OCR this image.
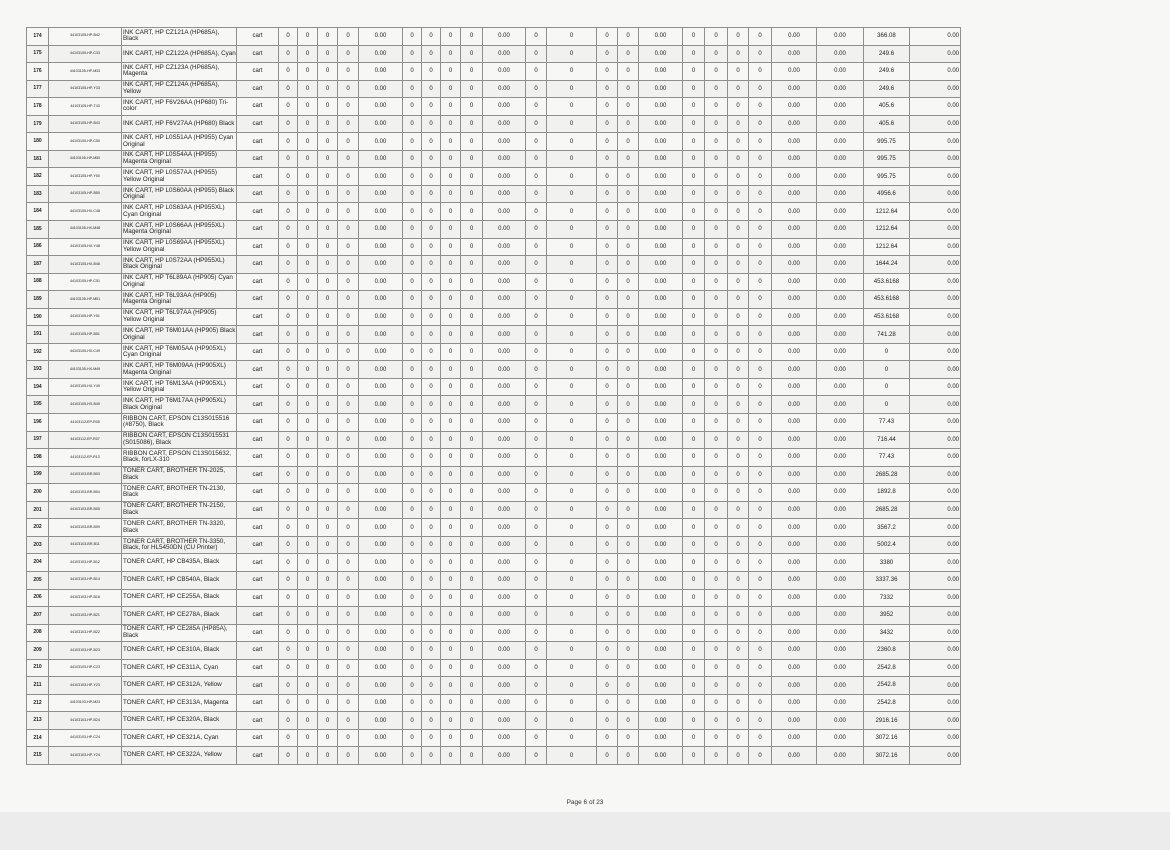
174	44103105-HP-B42	INK CART, HP CZ121A (HP685A), Black	cart	0	0	0	0	0.00	0	0	0	0	0.00	0	0	0	0	0.00	0	0	0	0	0.00	0.00	366.08	0.00
175	44103105-HP-C33	INK CART, HP CZ122A (HP685A), Cyan	cart	0	0	0	0	0.00	0	0	0	0	0.00	0	0	0	0	0.00	0	0	0	0	0.00	0.00	249.6	0.00
176	44103105-HP-M33	INK CART, HP CZ123A (HP685A), Magenta	cart	0	0	0	0	0.00	0	0	0	0	0.00	0	0	0	0	0.00	0	0	0	0	0.00	0.00	249.6	0.00
177	44103105-HP-Y33	INK CART, HP CZ124A (HP685A), Yellow	cart	0	0	0	0	0.00	0	0	0	0	0.00	0	0	0	0	0.00	0	0	0	0	0.00	0.00	249.6	0.00
178	44103105-HP-T43	INK CART, HP F6V26AA (HP680) Tri-color	cart	0	0	0	0	0.00	0	0	0	0	0.00	0	0	0	0	0.00	0	0	0	0	0.00	0.00	405.6	0.00
179	44103105-HP-B43	INK CART, HP F6V27AA (HP680) Black	cart	0	0	0	0	0.00	0	0	0	0	0.00	0	0	0	0	0.00	0	0	0	0	0.00	0.00	405.6	0.00
180	44103105-HP-C50	INK CART, HP L0S51AA (HP955) Cyan Original	cart	0	0	0	0	0.00	0	0	0	0	0.00	0	0	0	0	0.00	0	0	0	0	0.00	0.00	995.75	0.00
181	44103105-HP-M50	INK CART, HP L0S54AA (HP955) Magenta Original	cart	0	0	0	0	0.00	0	0	0	0	0.00	0	0	0	0	0.00	0	0	0	0	0.00	0.00	995.75	0.00
182	44103105-HP-Y50	INK CART, HP L0S57AA (HP955) Yellow Original	cart	0	0	0	0	0.00	0	0	0	0	0.00	0	0	0	0	0.00	0	0	0	0	0.00	0.00	995.75	0.00
183	44103105-HP-B50	INK CART, HP L0S60AA (HP955) Black Original	cart	0	0	0	0	0.00	0	0	0	0	0.00	0	0	0	0	0.00	0	0	0	0	0.00	0.00	4956.6	0.00
184	44103105-HX-C48	INK CART, HP L0S63AA (HP955XL) Cyan Original	cart	0	0	0	0	0.00	0	0	0	0	0.00	0	0	0	0	0.00	0	0	0	0	0.00	0.00	1212.64	0.00
185	44103105-HX-M48	INK CART, HP L0S66AA (HP955XL) Magenta Original	cart	0	0	0	0	0.00	0	0	0	0	0.00	0	0	0	0	0.00	0	0	0	0	0.00	0.00	1212.64	0.00
186	44103105-HX-Y48	INK CART, HP L0S69AA (HP955XL) Yellow Original	cart	0	0	0	0	0.00	0	0	0	0	0.00	0	0	0	0	0.00	0	0	0	0	0.00	0.00	1212.64	0.00
187	44103105-HX-B48	INK CART, HP L0S72AA (HP955XL) Black Original	cart	0	0	0	0	0.00	0	0	0	0	0.00	0	0	0	0	0.00	0	0	0	0	0.00	0.00	1644.24	0.00
188	44103105-HP-C51	INK CART, HP T6L89AA (HP905) Cyan Original	cart	0	0	0	0	0.00	0	0	0	0	0.00	0	0	0	0	0.00	0	0	0	0	0.00	0.00	453.6168	0.00
189	44103105-HP-M51	INK CART, HP T6L93AA (HP905) Magenta Original	cart	0	0	0	0	0.00	0	0	0	0	0.00	0	0	0	0	0.00	0	0	0	0	0.00	0.00	453.6168	0.00
190	44103105-HP-Y51	INK CART, HP T6L97AA (HP905) Yellow Original	cart	0	0	0	0	0.00	0	0	0	0	0.00	0	0	0	0	0.00	0	0	0	0	0.00	0.00	453.6168	0.00
191	44103105-HP-B51	INK CART, HP T6M01AA (HP905) Black Original	cart	0	0	0	0	0.00	0	0	0	0	0.00	0	0	0	0	0.00	0	0	0	0	0.00	0.00	741.28	0.00
192	44103105-HX-C49	INK CART, HP T6M05AA (HP905XL) Cyan Original	cart	0	0	0	0	0.00	0	0	0	0	0.00	0	0	0	0	0.00	0	0	0	0	0.00	0.00	0	0.00
193	44103105-HX-M49	INK CART, HP T6M09AA (HP905XL) Magenta Original	cart	0	0	0	0	0.00	0	0	0	0	0.00	0	0	0	0	0.00	0	0	0	0	0.00	0.00	0	0.00
194	44103105-HX-Y49	INK CART, HP T6M13AA (HP905XL) Yellow Original	cart	0	0	0	0	0.00	0	0	0	0	0.00	0	0	0	0	0.00	0	0	0	0	0.00	0.00	0	0.00
195	44103105-HX-B49	INK CART, HP T6M17AA (HP905XL) Black Original	cart	0	0	0	0	0.00	0	0	0	0	0.00	0	0	0	0	0.00	0	0	0	0	0.00	0.00	0	0.00
196	44103112-EP-R05	RIBBON CART, EPSON C13S015516 (#8750), Black	cart	0	0	0	0	0.00	0	0	0	0	0.00	0	0	0	0	0.00	0	0	0	0	0.00	0.00	77.43	0.00
197	44103112-EP-R07	RIBBON CART, EPSON C13S015531 (S015086), Black	cart	0	0	0	0	0.00	0	0	0	0	0.00	0	0	0	0	0.00	0	0	0	0	0.00	0.00	716.44	0.00
198	44103112-EP-R13	RIBBON CART, EPSON C13S015632, Black, forLX-310	cart	0	0	0	0	0.00	0	0	0	0	0.00	0	0	0	0	0.00	0	0	0	0	0.00	0.00	77.43	0.00
199	44103103-BR-B03	TONER CART, BROTHER TN-2025, Black	cart	0	0	0	0	0.00	0	0	0	0	0.00	0	0	0	0	0.00	0	0	0	0	0.00	0.00	2685.28	0.00
200	44103103-BR-B04	TONER CART, BROTHER TN-2130, Black	cart	0	0	0	0	0.00	0	0	0	0	0.00	0	0	0	0	0.00	0	0	0	0	0.00	0.00	1892.8	0.00
201	44103103-BR-B05	TONER CART, BROTHER TN-2150, Black	cart	0	0	0	0	0.00	0	0	0	0	0.00	0	0	0	0	0.00	0	0	0	0	0.00	0.00	2685.28	0.00
202	44103103-BR-B09	TONER CART, BROTHER TN-3320, Black	cart	0	0	0	0	0.00	0	0	0	0	0.00	0	0	0	0	0.00	0	0	0	0	0.00	0.00	3567.2	0.00
203	44103103-BR-B11	TONER CART, BROTHER TN-3350, Black, for HL5450DN (CU Printer)	cart	0	0	0	0	0.00	0	0	0	0	0.00	0	0	0	0	0.00	0	0	0	0	0.00	0.00	5002.4	0.00
204	44103103-HP-B12	TONER CART, HP CB435A, Black	cart	0	0	0	0	0.00	0	0	0	0	0.00	0	0	0	0	0.00	0	0	0	0	0.00	0.00	3380	0.00
205	44103103-HP-B14	TONER CART, HP CB540A, Black	cart	0	0	0	0	0.00	0	0	0	0	0.00	0	0	0	0	0.00	0	0	0	0	0.00	0.00	3337.36	0.00
206	44103103-HP-B18	TONER CART, HP CE255A, Black	cart	0	0	0	0	0.00	0	0	0	0	0.00	0	0	0	0	0.00	0	0	0	0	0.00	0.00	7332	0.00
207	44103103-HP-B21	TONER CART, HP CE278A, Black	cart	0	0	0	0	0.00	0	0	0	0	0.00	0	0	0	0	0.00	0	0	0	0	0.00	0.00	3952	0.00
208	44103103-HP-B22	TONER CART, HP CE285A (HP85A), Black	cart	0	0	0	0	0.00	0	0	0	0	0.00	0	0	0	0	0.00	0	0	0	0	0.00	0.00	3432	0.00
209	44103103-HP-B23	TONER CART, HP CE310A, Black	cart	0	0	0	0	0.00	0	0	0	0	0.00	0	0	0	0	0.00	0	0	0	0	0.00	0.00	2360.8	0.00
210	44103103-HP-C23	TONER CART, HP CE311A, Cyan	cart	0	0	0	0	0.00	0	0	0	0	0.00	0	0	0	0	0.00	0	0	0	0	0.00	0.00	2542.8	0.00
211	44103103-HP-Y23	TONER CART, HP CE312A, Yellow	cart	0	0	0	0	0.00	0	0	0	0	0.00	0	0	0	0	0.00	0	0	0	0	0.00	0.00	2542.8	0.00
212	44103103-HP-M23	TONER CART, HP CE313A, Magenta	cart	0	0	0	0	0.00	0	0	0	0	0.00	0	0	0	0	0.00	0	0	0	0	0.00	0.00	2542.8	0.00
213	44103103-HP-B24	TONER CART, HP CE320A, Black	cart	0	0	0	0	0.00	0	0	0	0	0.00	0	0	0	0	0.00	0	0	0	0	0.00	0.00	2916.16	0.00
214	44103103-HP-C24	TONER CART, HP CE321A, Cyan	cart	0	0	0	0	0.00	0	0	0	0	0.00	0	0	0	0	0.00	0	0	0	0	0.00	0.00	3072.16	0.00
215	44103103-HP-Y24	TONER CART, HP CE322A, Yellow	cart	0	0	0	0	0.00	0	0	0	0	0.00	0	0	0	0	0.00	0	0	0	0	0.00	0.00	3072.16	0.00
Page 6 of 23
